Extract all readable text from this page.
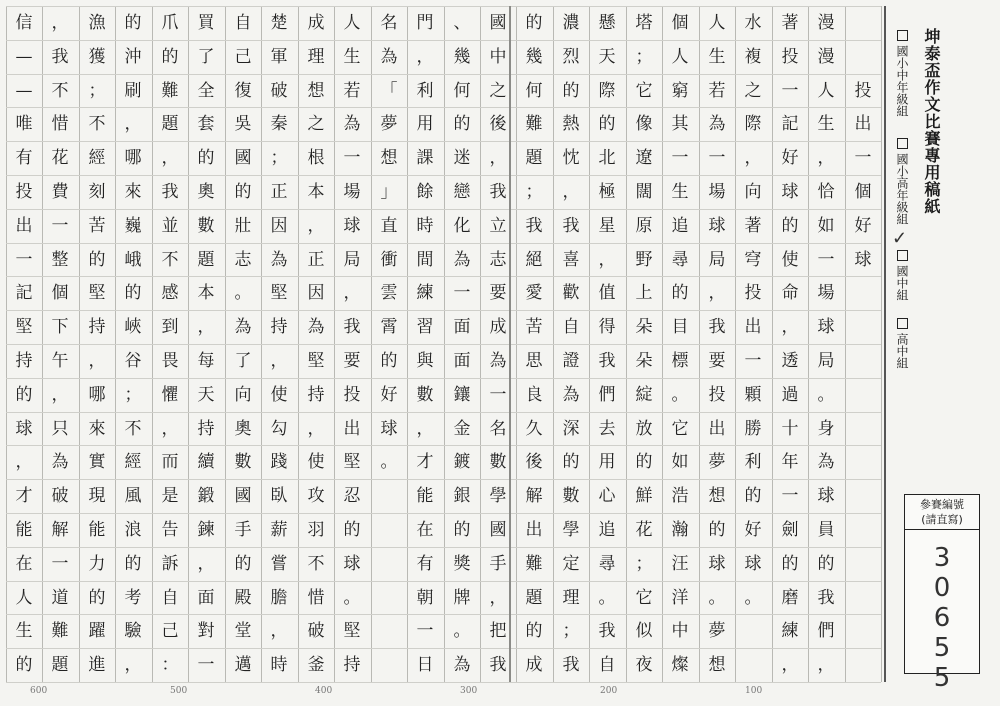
投
出
一
個
好
球
漫
漫
人
生
，
恰
如
一
場
球
局
。
身
為
球
員
的
我
們
，
著
投
一
記
好
球
的
使
命
，
透
過
十
年
一
劍
的
磨
練
，
水
複
之
際
，
向
著
穹
投
出
一
顆
勝
利
的
好
球
。
人
生
若
為
一
場
球
局
，
我
要
投
出
夢
想
的
球
。
夢
想
個
人
窮
其
一
生
追
尋
的
目
標
。
它
如
浩
瀚
汪
洋
中
燦
塔
；
它
像
遼
闊
原
野
上
朵
朵
綻
放
的
鮮
花
；
它
似
夜
懸
天
際
的
北
極
星
，
值
得
我
們
去
用
心
追
尋
。
我
自
濃
烈
的
熱
忱
，
我
喜
歡
自
證
為
深
的
數
學
定
理
；
我
的
幾
何
難
題
；
我
絕
愛
苦
思
良
久
後
解
出
難
題
的
成
國
中
之
後
，
我
立
志
要
成
為
一
名
數
學
國
手
，
把
我
、
幾
何
的
迷
戀
化
為
一
面
面
鑲
金
鍍
銀
的
獎
牌
。
為
門
，
利
用
課
餘
時
間
練
習
與
數
，
才
能
在
有
朝
一
日
名
為
「
夢
想
」
直
衝
雲
霄
的
好
球
。
人
生
若
為
一
場
球
局
，
我
要
投
出
堅
忍
的
球
。
堅
持
成
理
想
之
根
本
，
正
因
為
堅
持
，
使
攻
羽
不
惜
破
釜
楚
軍
破
秦
；
正
因
為
堅
持
，
使
勾
踐
臥
薪
嘗
膽
，
時
自
己
復
吳
國
的
壯
志
。
為
了
向
奧
數
國
手
的
殿
堂
邁
買
了
全
套
的
奧
數
題
本
，
每
天
持
續
鍛
鍊
，
面
對
一
爪
的
難
題
，
我
並
不
感
到
畏
懼
，
而
是
告
訴
自
己
：
的
沖
刷
，
哪
來
巍
峨
的
峽
谷
；
不
經
風
浪
的
考
驗
，
漁
獲
；
不
經
刻
苦
的
堅
持
，
哪
來
實
現
能
力
的
躍
進
，
我
不
惜
花
費
一
整
個
下
午
，
只
為
破
解
一
道
難
題
信
—
—
唯
有
投
出
一
記
堅
持
的
球
，
才
能
在
人
生
的
600	500	400	300	200	100
坤泰盃作文比賽專用稿紙
國小中年級組
國小高年級組
國中組
✓
高中組
參賽編號
(請直寫)
3
0
6
5
5
